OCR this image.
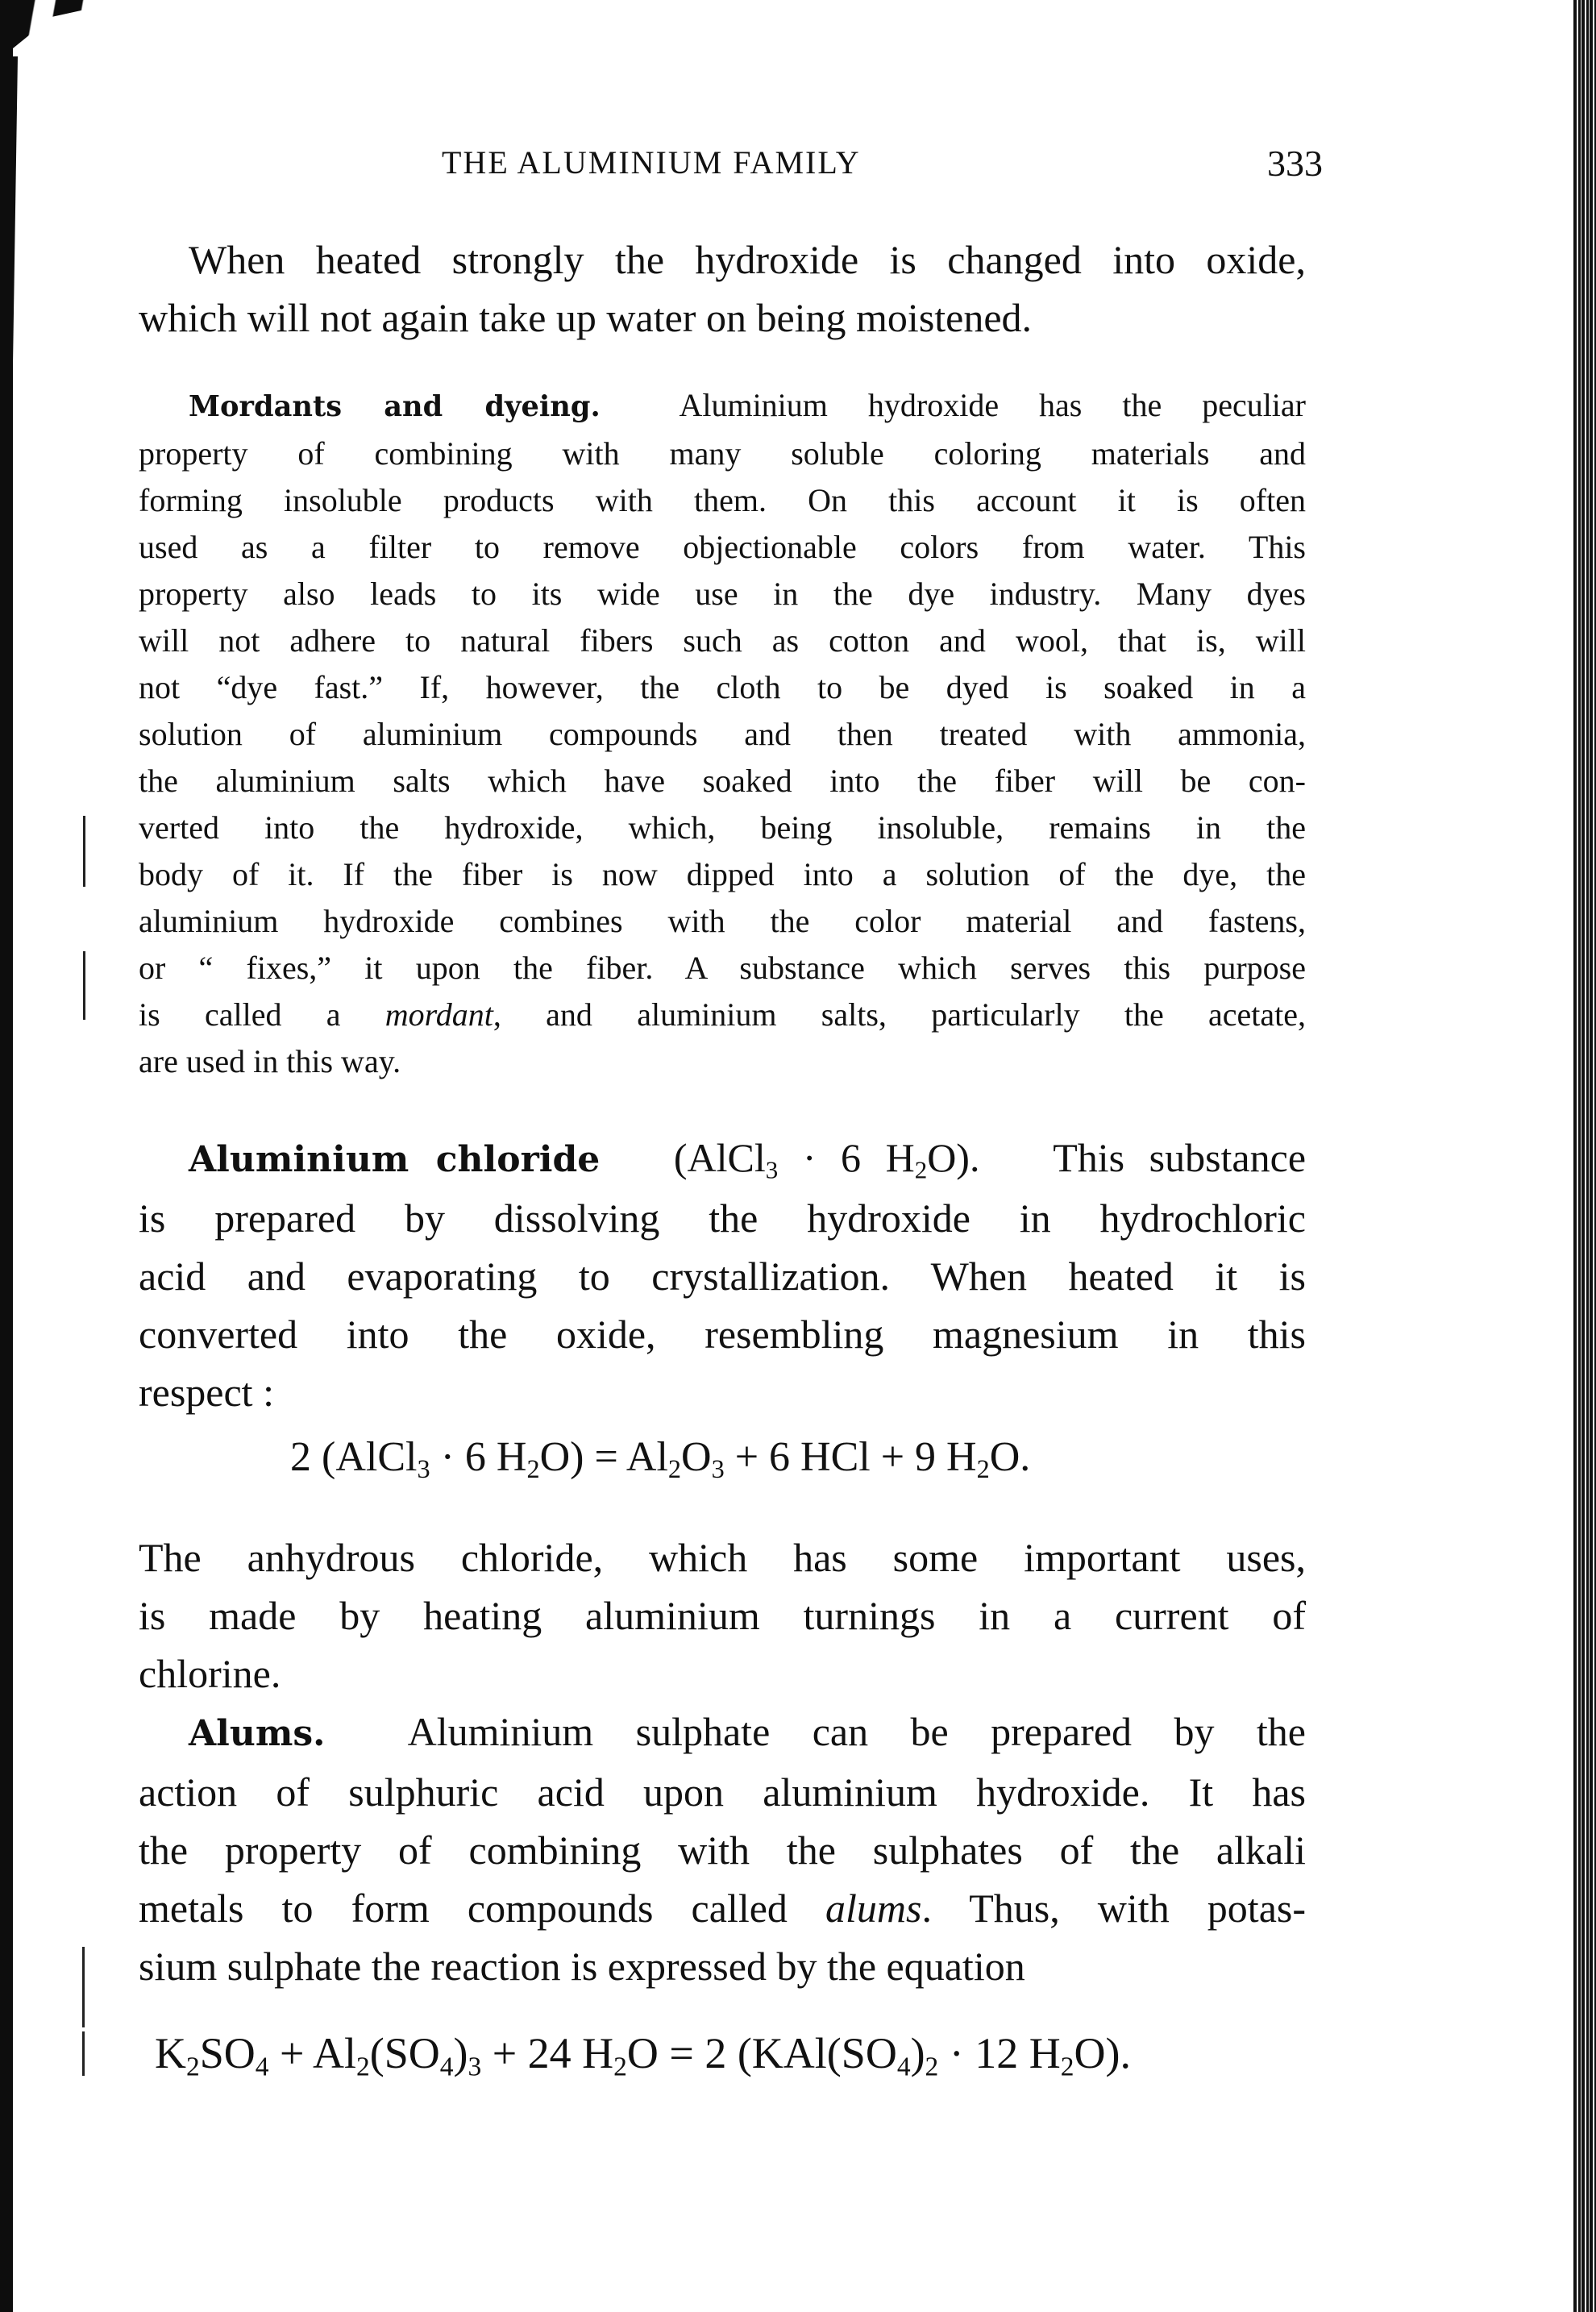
THE ALUMINIUM FAMILY	333
When heated strongly the hydroxide is changed into oxide,
which will not again take up water on being moistened.
Mordants and dyeing. Aluminium hydroxide has the peculiar
property of combining with many soluble coloring materials and
forming insoluble products with them. On this account it is often
used as a filter to remove objectionable colors from water. This
property also leads to its wide use in the dye industry. Many dyes
will not adhere to natural fibers such as cotton and wool, that is, will
not “dye fast.” If, however, the cloth to be dyed is soaked in a
solution of aluminium compounds and then treated with ammonia,
the aluminium salts which have soaked into the fiber will be con-
verted into the hydroxide, which, being insoluble, remains in the
body of it. If the fiber is now dipped into a solution of the dye, the
aluminium hydroxide combines with the color material and fastens,
or “ fixes,” it upon the fiber. A substance which serves this purpose
is called a mordant, and aluminium salts, particularly the acetate,
are used in this way.
Aluminium chloride (AlCl$_3$ · 6 $H_2O$). This substance
is prepared by dissolving the hydroxide in hydrochloric
acid and evaporating to crystallization. When heated it is
converted into the oxide, resembling magnesium in this
respect :
2 (AlCl$_3$ · 6 $H_2O) = Al_2O_3 + 6$ HCl + 9 $H_2O$.
The anhydrous chloride, which has some important uses,
is made by heating aluminium turnings in a current of
chlorine.
Alums. Aluminium sulphate can be prepared by the
action of sulphuric acid upon aluminium hydroxide. It has
the property of combining with the sulphates of the alkali
metals to form compounds called alums. Thus, with potas-
sium sulphate the reaction is expressed by the equation
$K_2SO_4 + Al_2(SO_4)_3 + 24$ $H_2O = 2$ ($KAl(SO_4)_2 \cdot 12$ $H_2O$).
